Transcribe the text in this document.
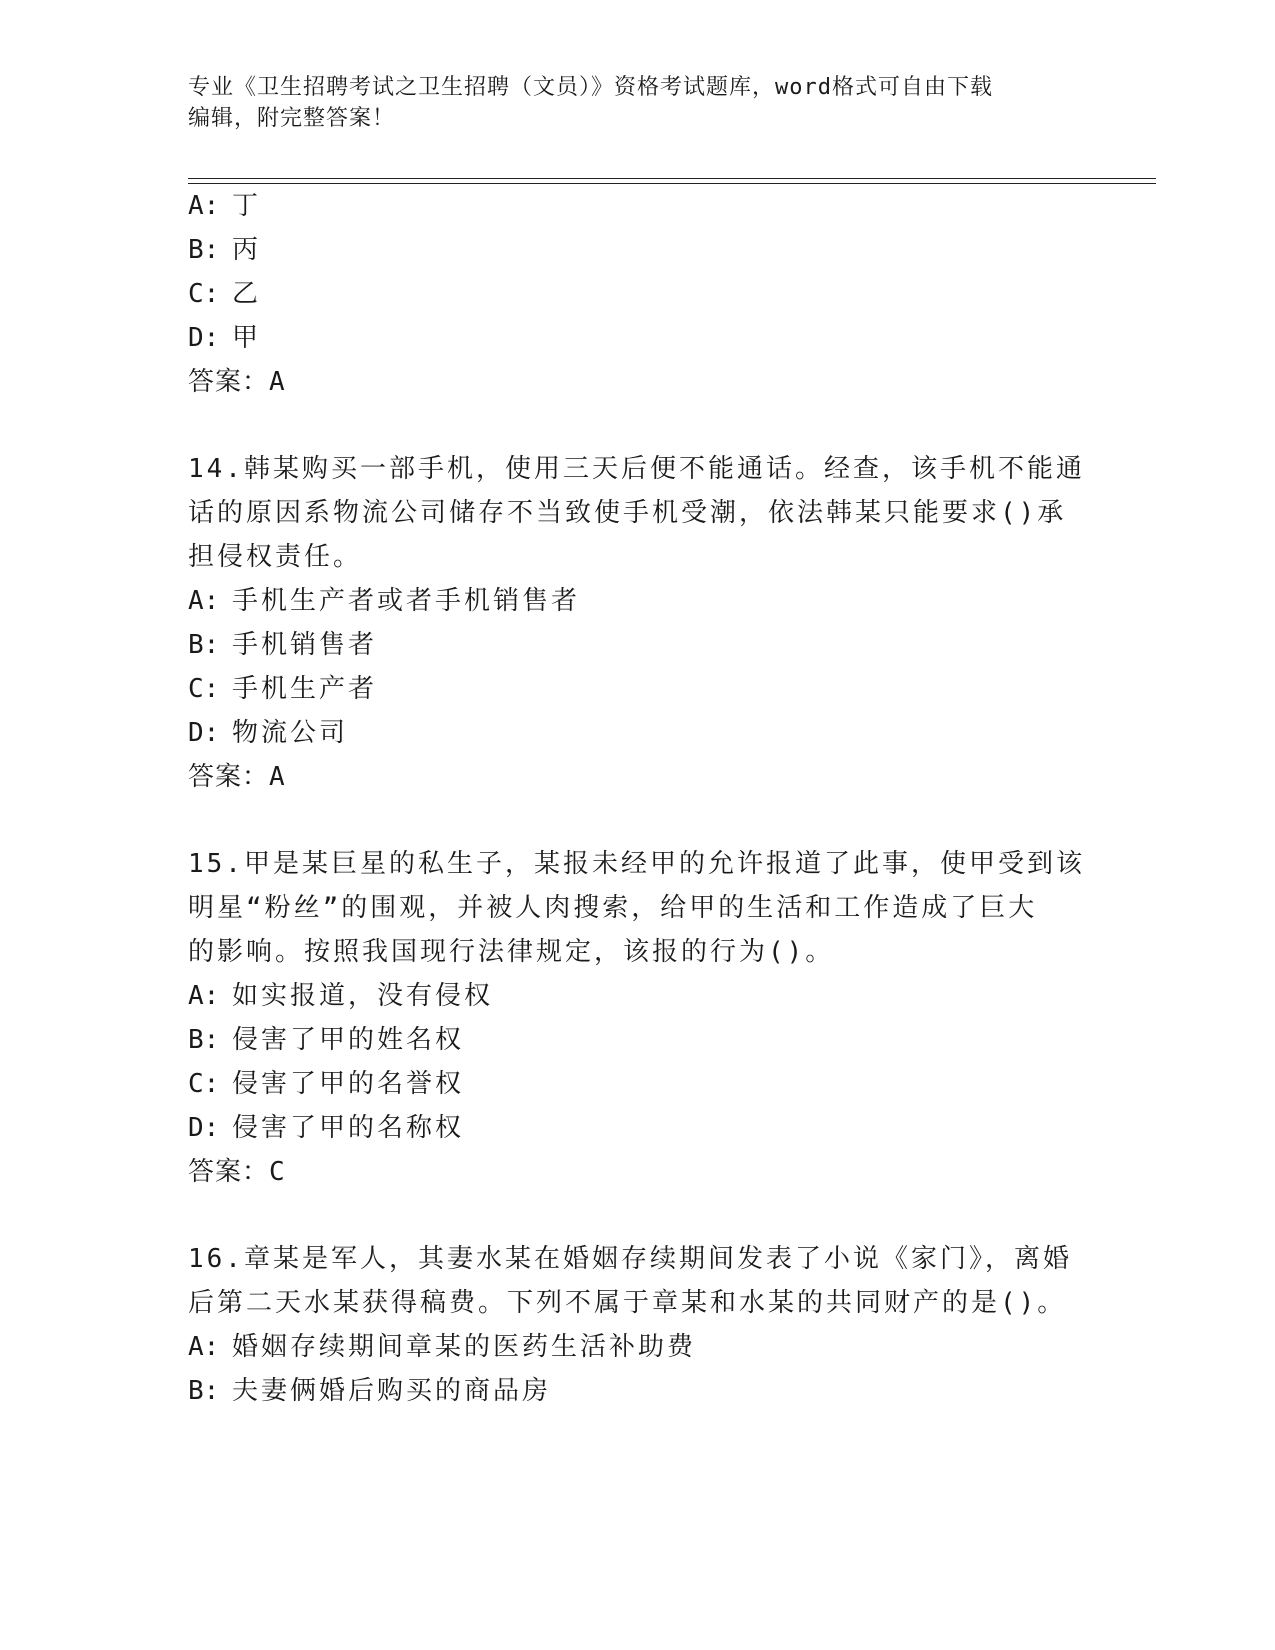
专业《卫生招聘考试之卫生招聘（文员）》资格考试题库，word格式可自由下载
编辑，附完整答案！
A: 丁
B: 丙
C: 乙
D: 甲
答案：A
14.韩某购买一部手机，使用三天后便不能通话。经查，该手机不能通
话的原因系物流公司储存不当致使手机受潮，依法韩某只能要求()承
担侵权责任。
A: 手机生产者或者手机销售者
B: 手机销售者
C: 手机生产者
D: 物流公司
答案：A
15.甲是某巨星的私生子，某报未经甲的允许报道了此事，使甲受到该
明星“粉丝”的围观，并被人肉搜索，给甲的生活和工作造成了巨大
的影响。按照我国现行法律规定，该报的行为()。
A: 如实报道，没有侵权
B: 侵害了甲的姓名权
C: 侵害了甲的名誉权
D: 侵害了甲的名称权
答案：C
16.章某是军人，其妻水某在婚姻存续期间发表了小说《家门》，离婚
后第二天水某获得稿费。下列不属于章某和水某的共同财产的是()。
A: 婚姻存续期间章某的医药生活补助费
B: 夫妻俩婚后购买的商品房
